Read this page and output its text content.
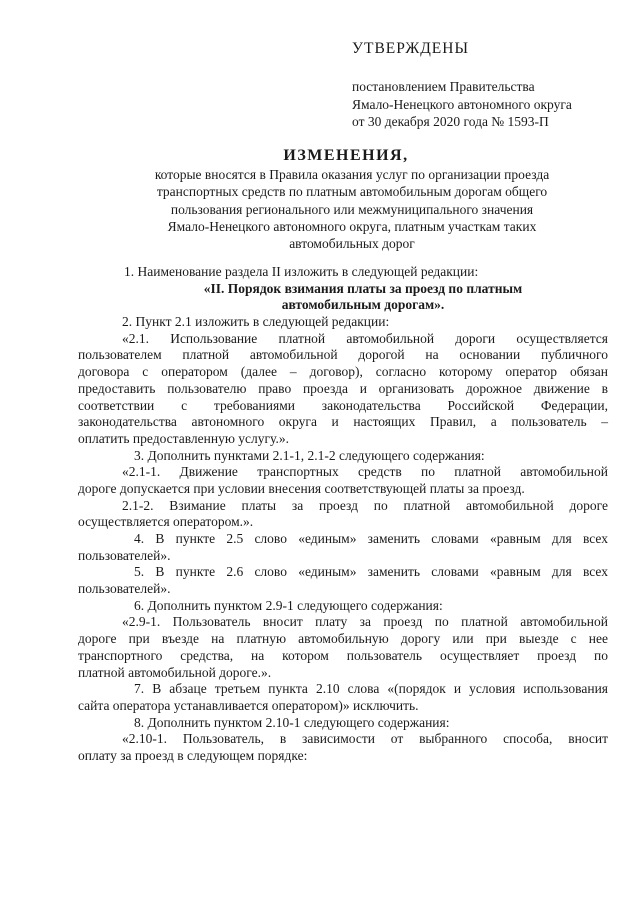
УТВЕРЖДЕНЫ
постановлением Правительства
Ямало-Ненецкого автономного округа
от 30 декабря 2020 года № 1593-П
ИЗМЕНЕНИЯ,
которые вносятся в Правила оказания услуг по организации проезда
транспортных средств по платным автомобильным дорогам общего
пользования регионального или межмуниципального значения
Ямало-Ненецкого автономного округа, платным участкам таких
автомобильных дорог
1. Наименование раздела II изложить в следующей редакции:
«II. Порядок взимания платы за проезд по платным
автомобильным дорогам».
2. Пункт 2.1 изложить в следующей редакции:
«2.1. Использование платной автомобильной дороги осуществляется
пользователем платной автомобильной дорогой на основании публичного
договора с оператором (далее – договор), согласно которому оператор обязан
предоставить пользователю право проезда и организовать дорожное движение в
соответствии с требованиями законодательства Российской Федерации,
законодательства автономного округа и настоящих Правил, а пользователь –
оплатить предоставленную услугу.».
3. Дополнить пунктами 2.1-1, 2.1-2 следующего содержания:
«2.1-1. Движение транспортных средств по платной автомобильной
дороге допускается при условии внесения соответствующей платы за проезд.
2.1-2. Взимание платы за проезд по платной автомобильной дороге
осуществляется оператором.».
4. В пункте 2.5 слово «единым» заменить словами «равным для всех
пользователей».
5. В пункте 2.6 слово «единым» заменить словами «равным для всех
пользователей».
6. Дополнить пунктом 2.9-1 следующего содержания:
«2.9-1. Пользователь вносит плату за проезд по платной автомобильной
дороге при въезде на платную автомобильную дорогу или при выезде с нее
транспортного средства, на котором пользователь осуществляет проезд по
платной автомобильной дороге.».
7. В абзаце третьем пункта 2.10 слова «(порядок и условия использования
сайта оператора устанавливается оператором)» исключить.
8. Дополнить пунктом 2.10-1 следующего содержания:
«2.10-1. Пользователь, в зависимости от выбранного способа, вносит
оплату за проезд в следующем порядке:
